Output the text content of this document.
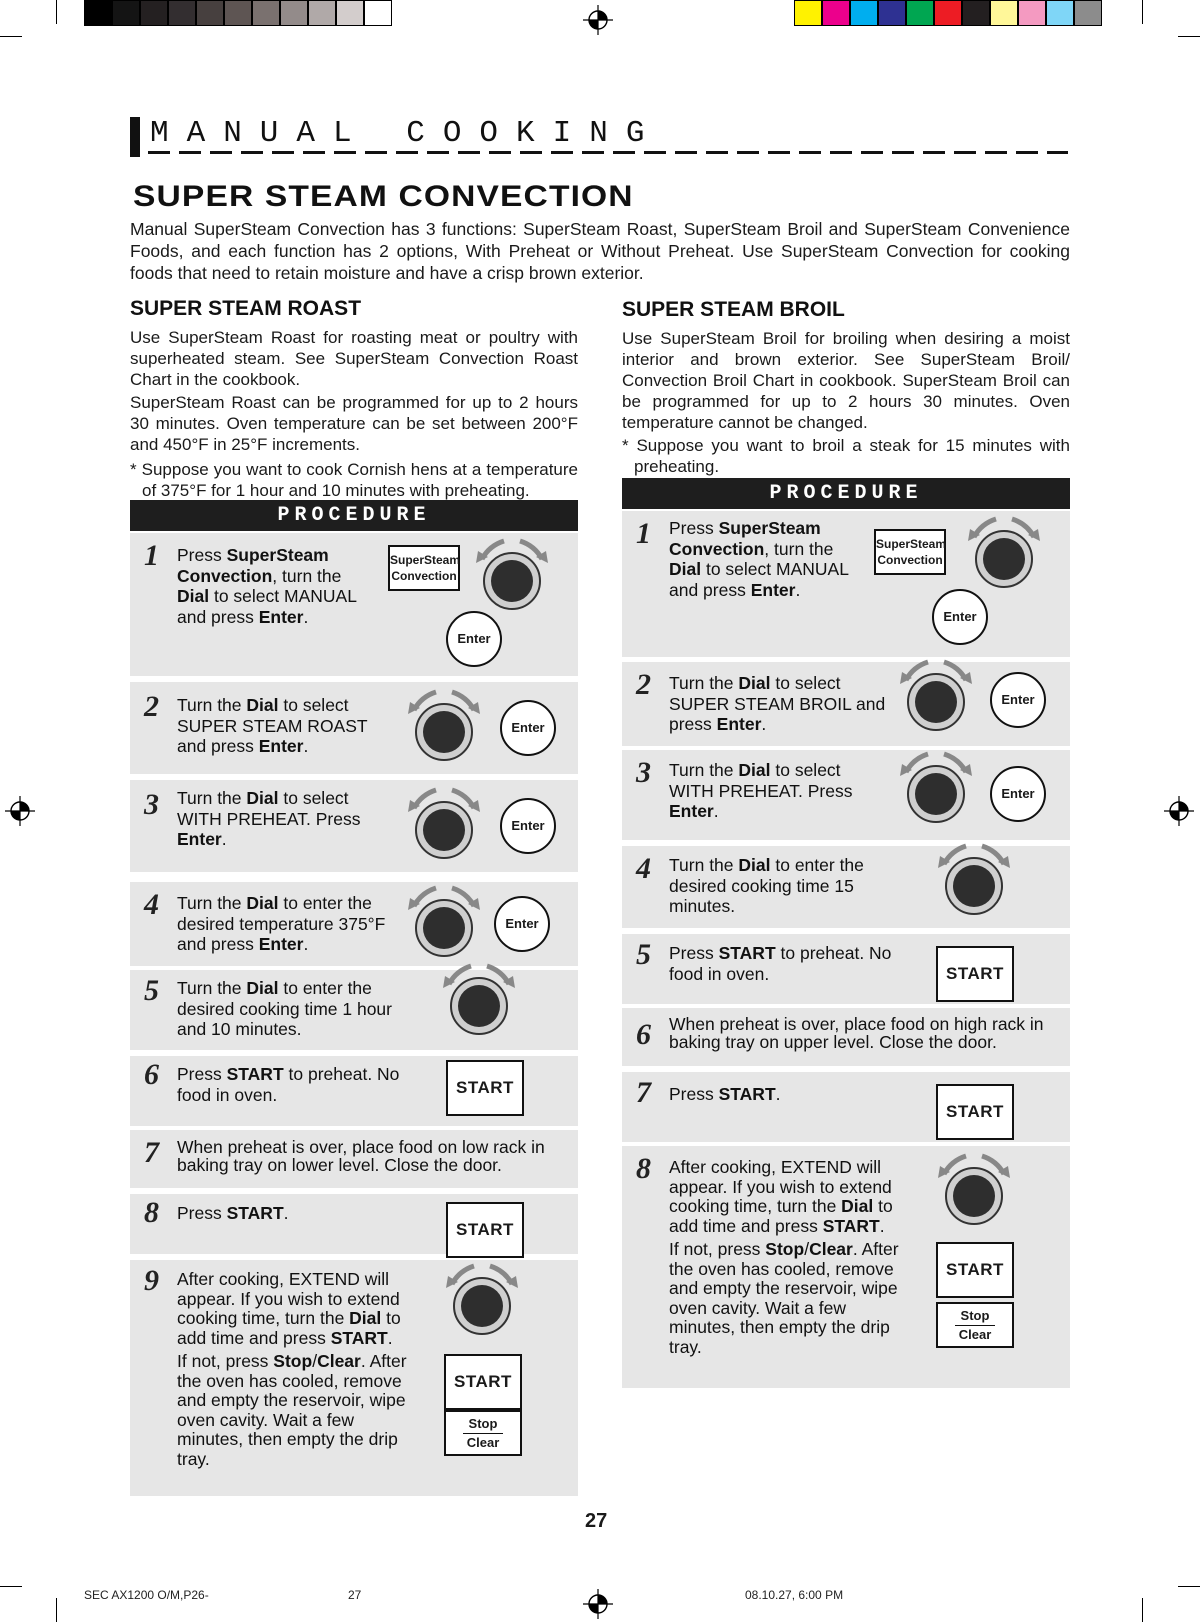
MANUAL COOKING
SUPER STEAM CONVECTION
Manual SuperSteam Convection has 3 functions: SuperSteam Roast, SuperSteam Broil and SuperSteam Convenience Foods, and each function has 2 options, With Preheat or Without Preheat. Use SuperSteam Convection for cooking foods that need to retain moisture and have a crisp brown exterior.
SUPER STEAM ROAST
Use SuperSteam Roast for roasting meat or poultry with superheated steam. See SuperSteam Convection Roast Chart in the cookbook.
SuperSteam Roast can be programmed for up to 2 hours 30 minutes. Oven temperature can be set between 200°F and 450°F in 25°F increments.
* Suppose you want to cook Cornish hens at a temperature of 375°F for 1 hour and 10 minutes with preheating.
PROCEDURE
1 Press SuperSteam Convection, turn the Dial to select MANUAL and press Enter.
SuperSteam
Convection
Enter
2 Turn the Dial to select SUPER STEAM ROAST and press Enter.
Enter
3 Turn the Dial to select WITH PREHEAT. Press Enter.
Enter
4 Turn the Dial to enter the desired temperature 375°F and press Enter.
Enter
5 Turn the Dial to enter the desired cooking time 1 hour and 10 minutes.
6 Press START to preheat. No food in oven.	START
7 When preheat is over, place food on low rack in baking tray on lower level. Close the door.
8 Press START.
START
9 After cooking, EXTEND will appear. If you wish to extend cooking time, turn the Dial to add time and press START.

If not, press Stop/Clear. After the oven has cooled, remove and empty the reservoir, wipe oven cavity. Wait a few minutes, then empty the drip tray.
START
Stop
Clear
SUPER STEAM BROIL
Use SuperSteam Broil for broiling when desiring a moist interior and brown exterior. See SuperSteam Broil/ Convection Broil Chart in cookbook. SuperSteam Broil can be programmed for up to 2 hours 30 minutes. Oven temperature cannot be changed.
* Suppose you want to broil a steak for 15 minutes with preheating.
PROCEDURE
1 Press SuperSteam Convection, turn the Dial to select MANUAL and press Enter.
SuperSteam
Convection
Enter
2 Turn the Dial to select SUPER STEAM BROIL and press Enter.
Enter
3 Turn the Dial to select WITH PREHEAT. Press Enter.
Enter
4 Turn the Dial to enter the desired cooking time 15 minutes.
5 Press START to preheat. No food in oven.	START
6 When preheat is over, place food on high rack in baking tray on upper level. Close the door.
7 Press START.
START
8 After cooking, EXTEND will appear. If you wish to extend cooking time, turn the Dial to add time and press START.

If not, press Stop/Clear. After the oven has cooled, remove and empty the reservoir, wipe oven cavity. Wait a few minutes, then empty the drip tray.
START
Stop
Clear
27
SEC AX1200 O/M,P26-	27	08.10.27, 6:00 PM
